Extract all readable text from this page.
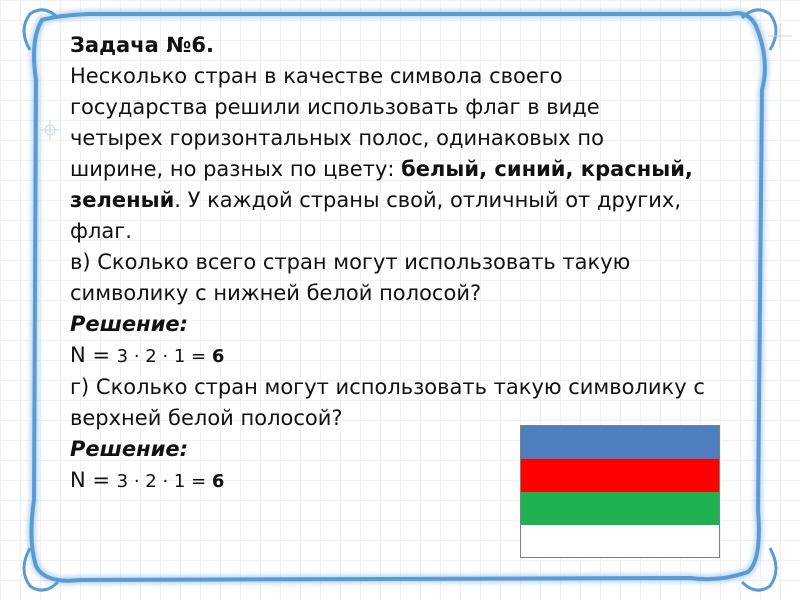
Задача №6.
Несколько стран в качестве символа своего
государства решили использовать флаг в виде
четырех горизонтальных полос, одинаковых по
ширине, но разных по цвету: белый, синий, красный,
зеленый. У каждой страны свой, отличный от других,
флаг.
в) Сколько всего стран могут использовать такую
символику с нижней белой полосой?
Решение:
N = 3 · 2 · 1 = 6
г) Сколько стран могут использовать такую символику с
верхней белой полосой?
Решение:
N = 3 · 2 · 1 = 6
